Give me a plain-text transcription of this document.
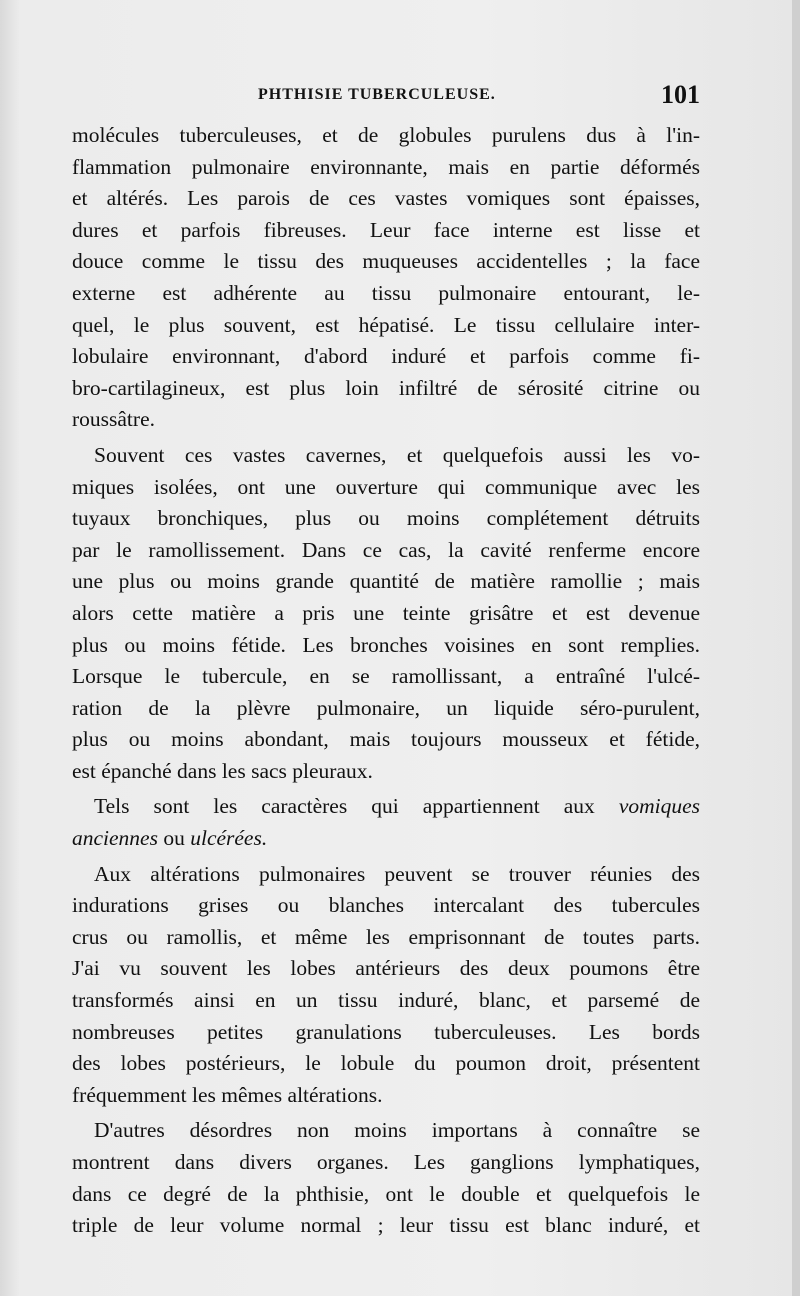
PHTHISIE TUBERCULEUSE.	101
molécules tuberculeuses, et de globules purulens dus à l'in-
flammation pulmonaire environnante, mais en partie déformés
et altérés. Les parois de ces vastes vomiques sont épaisses,
dures et parfois fibreuses. Leur face interne est lisse et
douce comme le tissu des muqueuses accidentelles ; la face
externe est adhérente au tissu pulmonaire entourant, le-
quel, le plus souvent, est hépatisé. Le tissu cellulaire inter-
lobulaire environnant, d'abord induré et parfois comme fi-
bro-cartilagineux, est plus loin infiltré de sérosité citrine ou
roussâtre.
Souvent ces vastes cavernes, et quelquefois aussi les vo-
miques isolées, ont une ouverture qui communique avec les
tuyaux bronchiques, plus ou moins complétement détruits
par le ramollissement. Dans ce cas, la cavité renferme encore
une plus ou moins grande quantité de matière ramollie ; mais
alors cette matière a pris une teinte grisâtre et est devenue
plus ou moins fétide. Les bronches voisines en sont remplies.
Lorsque le tubercule, en se ramollissant, a entraîné l'ulcé-
ration de la plèvre pulmonaire, un liquide séro-purulent,
plus ou moins abondant, mais toujours mousseux et fétide,
est épanché dans les sacs pleuraux.
Tels sont les caractères qui appartiennent aux vomiques
anciennes ou ulcérées.
Aux altérations pulmonaires peuvent se trouver réunies des
indurations grises ou blanches intercalant des tubercules
crus ou ramollis, et même les emprisonnant de toutes parts.
J'ai vu souvent les lobes antérieurs des deux poumons être
transformés ainsi en un tissu induré, blanc, et parsemé de
nombreuses petites granulations tuberculeuses. Les bords
des lobes postérieurs, le lobule du poumon droit, présentent
fréquemment les mêmes altérations.
D'autres désordres non moins importans à connaître se
montrent dans divers organes. Les ganglions lymphatiques,
dans ce degré de la phthisie, ont le double et quelquefois le
triple de leur volume normal ; leur tissu est blanc induré, et
